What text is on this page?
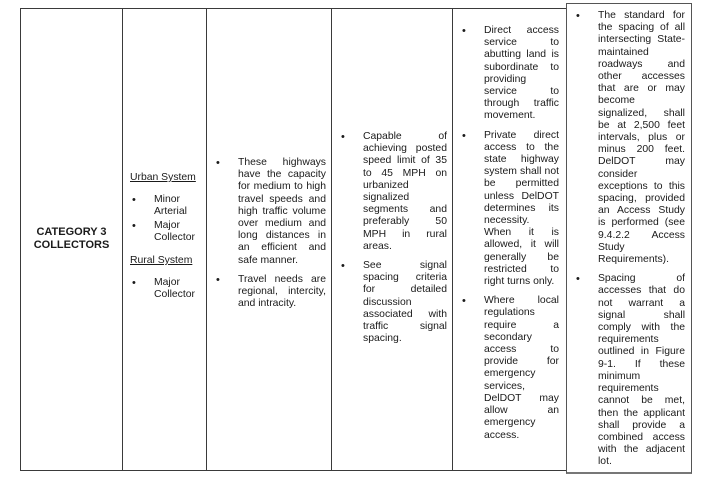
CATEGORY 3
COLLECTORS
Urban System
• Minor Arterial
• Major Collector
Rural System
• Major Collector
• These highways have the capacity for medium to high travel speeds and high traffic volume over medium and long distances in an efficient and safe manner.
• Travel needs are regional, intercity, and intracity.
• Capable of achieving posted speed limit of 35 to 45 MPH on urbanized signalized segments and preferably 50 MPH in rural areas.
• See signal spacing criteria for detailed discussion associated with traffic signal spacing.
• Direct access service to abutting land is subordinate to providing service to through traffic movement.
• Private direct access to the state highway system shall not be permitted unless DelDOT determines its necessity. When it is allowed, it will generally be restricted to right turns only.
• Where local regulations require a secondary access to provide for emergency services, DelDOT may allow an emergency access.
• The standard for the spacing of all intersecting State-maintained roadways and other accesses that are or may become signalized, shall be at 2,500 feet intervals, plus or minus 200 feet. DelDOT may consider exceptions to this spacing, provided an Access Study is performed (see 9.4.2.2 Access Study Requirements).
• Spacing of accesses that do not warrant a signal shall comply with the requirements outlined in Figure 9-1. If these minimum requirements cannot be met, then the applicant shall provide a combined access with the adjacent lot.
